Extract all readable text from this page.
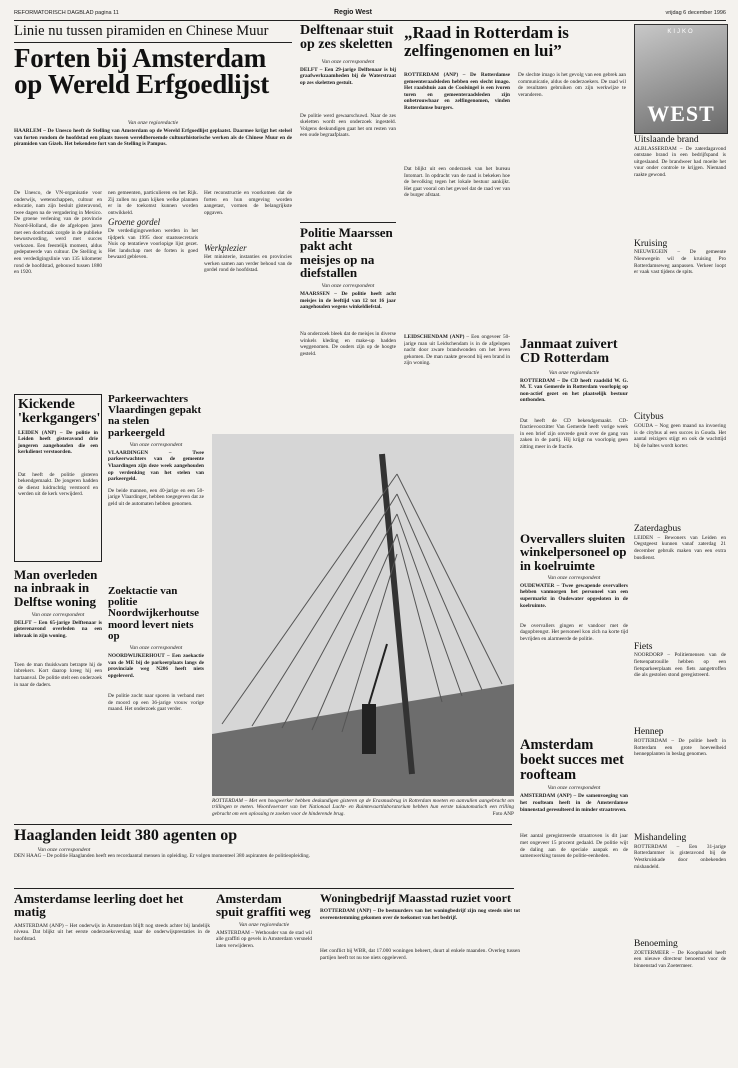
REFORMATORISCH DAGBLAD pagina 11	Regio West	vrijdag 6 december 1996
KIJKO
WEST
Linie nu tussen piramiden en Chinese Muur
Forten bij Amsterdam op Wereld Erfgoedlijst
Van onze regioredactie
HAARLEM – De Unesco heeft de Stelling van Amsterdam op de Wereld Erfgoedlijst geplaatst. Daarmee krijgt het stelsel van forten rondom de hoofdstad een plaats tussen wereldberoemde cultuurhistorische werken als de Chinese Muur en de piramiden van Gizeh. Het bekendste fort van de Stelling is Pampus.
De Unesco, de VN-organisatie voor onderwijs, wetenschappen, cultuur en educatie, nam zijn besluit gisteravond, twee dagen na de vergadering in Mexico. De groene verlening van de provincie Noord-Holland, die de afgelopen jaren met een doorbraak zorgde in de publieke bewustwording, werd met succes verkozen. Een feestelijk moment, aldus gedeputeerde van cultuur. De Stelling is een verdedigingslinie van 135 kilometer rond de hoofdstad, gebouwd tussen 1880 en 1920.
nen gemeenten, particulieren en het Rijk. Zij zullen nu gaan kijken welke plannen er in de toekomst kunnen worden ontwikkeld.
Groene gordel
De verdedigingswerken werden in het tijdperk van 1995 door staatssecretaris Nuis op tentatieve voorlopige lijst gezet. Het landschap met de forten is goed bewaard gebleven.
Het reconstructie en voorkomen dat de forten en hun omgeving worden aangetast, vormen de belangrijkste opgaven.
Werkplezier
Het ministerie, instanties en provincies werken samen aan verder behoud van de gordel rond de hoofdstad.
Delftenaar stuit op zes skeletten
Van onze correspondent
DELFT – Een 29-jarige Delftenaar is bij graafwerkzaamheden bij de Waterstraat op zes skeletten gestuit.
De politie werd gewaarschuwd. Naar de zes skeletten wordt een onderzoek ingesteld. Volgens deskundigen gaat het om resten van een oude begraafplaats.
Politie Maarssen pakt acht meisjes op na diefstallen
Van onze correspondent
MAARSSEN – De politie heeft acht meisjes in de leeftijd van 12 tot 16 jaar aangehouden wegens winkeldiefstal.
Na onderzoek bleek dat de meisjes in diverse winkels kleding en make-up hadden weggenomen. De ouders zijn op de hoogte gesteld.
„Raad in Rotterdam is zelfingenomen en lui”
ROTTERDAM (ANP) – De Rotterdamse gemeenteraadsleden hebben een slecht imago. Het raadshuis aan de Coolsingel is een ivoren toren en gemeenteraadsleden zijn onbetrouwbaar en zelfingenomen, vinden Rotterdamse burgers.
Dat blijkt uit een onderzoek van het bureau Intomart. In opdracht van de raad is bekeken hoe de bevolking tegen het lokale bestuur aankijkt. Het gaat vooral om het gevoel dat de raad ver van de burger afstaat.
De slechte imago is het gevolg van een gebrek aan communicatie, aldus de onderzoekers. De raad wil de resultaten gebruiken om zijn werkwijze te veranderen.
LEIDSCHENDAM (ANP) – Een ongeveer 50-jarige man uit Leidschendam is in de afgelopen nacht door zware brandwonden om het leven gekomen. De man raakte gewond bij een brand in zijn woning.
Uitslaande brand
ALBLASSERDAM – De zaterdagavond ontstane brand in een bedrijfspand is uitgeslaand. De brandweer had moeite het vuur onder controle te krijgen. Niemand raakte gewond.
Kruising
NIEUWEGEIN – De gemeente Nieuwegein wil de kruising Pro Rotterdamseweg aanpassen. Verkeer loopt er vaak vast tijdens de spits.
Citybus
GOUDA – Nog geen maand na invoering is de citybus al een succes in Gouda. Het aantal reizigers stijgt en ook de wachttijd bij de haltes wordt korter.
Zaterdagbus
LEIDEN – Bewoners van Leiden en Oegstgeest kunnen vanaf zaterdag 21 december gebruik maken van een extra busdienst.
Fiets
NOORDORP – Politiemensen van de fietsenpatrouille hebben op een fietsparkeerplaats een fiets aangetroffen die als gestolen stond geregistreerd.
Hennep
ROTTERDAM – De politie heeft in Rotterdam een grote hoeveelheid hennepplanten in beslag genomen.
Mishandeling
ROTTERDAM – Een 31-jarige Rotterdammer is gisteravond bij de Westkruiskade door onbekenden mishandeld.
Benoeming
ZOETERMEER – De Koophandel heeft een nieuwe directeur benoemd voor de binnenstad van Zoetermeer.
Janmaat zuivert CD Rotterdam
Van onze regioredactie
ROTTERDAM – De CD heeft raadslid W. G. M. T. van Gemerde in Rotterdam voorlopig op non-actief gezet en het plaatselijk bestuur ontbonden.
Dat heeft de CD bekendgemaakt. CD-fractievoorzitter Van Gemerde heeft vorige week in een brief zijn onvrede geuit over de gang van zaken in de partij. Hij krijgt nu voorlopig geen zitting meer in de fractie.
Overvallers sluiten winkelpersoneel op in koelruimte
Van onze correspondent
OUDEWATER – Twee gewapende overvallers hebben vanmorgen het personeel van een supermarkt in Oudewater opgesloten in de koelruimte.
De overvallers gingen er vandoor met de dagopbrengst. Het personeel kon zich na korte tijd bevrijden en alarmeerde de politie.
Amsterdam boekt succes met roofteam
Van onze correspondent
AMSTERDAM (ANP) – De samenvoeging van het roofteam heeft in de Amsterdamse binnenstad geresulteerd in minder straatroven.
Het aantal geregistreerde straatroven is dit jaar met ongeveer 15 procent gedaald. De politie wijt de daling aan de speciale aanpak en de samenwerking tussen de politie-eenheden.
Kickende 'kerkgangers'
LEIDEN (ANP) – De politie in Leiden heeft gisteravond drie jongeren aangehouden die een kerkdienst verstoorden.
Dat heeft de politie gisteren bekendgemaakt. De jongeren hadden de dienst luidruchtig verstoord en werden uit de kerk verwijderd.
Man overleden na inbraak in Delftse woning
Van onze correspondent
DELFT – Een 65-jarige Delftenaar is gisterenavond overleden na een inbraak in zijn woning.
Toen de man thuiskwam betrapte hij de inbrekers. Kort daarop kreeg hij een hartaanval. De politie stelt een onderzoek in naar de daders.
Parkeerwachters Vlaardingen gepakt na stelen parkeergeld
Van onze correspondent
VLAARDINGEN – Twee parkeerwachters van de gemeente Vlaardingen zijn deze week aangehouden op verdenking van het stelen van parkeergeld.
De beide mannen, een 40-jarige en een 50-jarige Vlaardinger, hebben toegegeven dat ze geld uit de automaten hebben genomen.
Zoektactie van politie Noordwijkerhoutse moord levert niets op
Van onze correspondent
NOORDWIJKERHOUT – Een zoekactie van de ME bij de parkeerplaats langs de provinciale weg N206 heeft niets opgeleverd.
De politie zocht naar sporen in verband met de moord op een 36-jarige vrouw vorige maand. Het onderzoek gaat verder.
ROTTERDAM – Met een hoogwerker hebben deskundigen gisteren op de Erasmusbrug in Rotterdam moeten en aanvullen aangebracht om trillingen te meten. Woordvoerster van het Nationaal Lucht- en Ruimtevaartlaboratorium hebben hun eerste tuiautomatisch een trilling gebracht om een oplossing te zoeken voor de hinderende brug.	Foto ANP
Haaglanden leidt 380 agenten op
Van onze correspondent
DEN HAAG – De politie Haaglanden heeft een recordaantal mensen in opleiding. Er volgen momenteel 380 aspiranten de politieopleiding.
Amsterdamse leerling doet het matig
AMSTERDAM (ANP) – Het onderwijs in Amsterdam blijft nog steeds achter bij landelijk niveau. Dat blijkt uit het eerste onderzoeksverslag naar de onderwijsprestaties in de hoofdstad.
Amsterdam spuit graffiti weg
Van onze regioredactie
AMSTERDAM – Wethouder van de stad wil alle graffiti op gevels in Amsterdam versneld laten verwijderen.
Woningbedrijf Maasstad ruziet voort
ROTTERDAM (ANP) – De bestuurders van het woningbedrijf zijn nog steeds niet tot overeenstemming gekomen over de toekomst van het bedrijf.
Het conflict bij WBR, dat 17.000 woningen beheert, duurt al enkele maanden. Overleg tussen partijen heeft tot nu toe niets opgeleverd.
